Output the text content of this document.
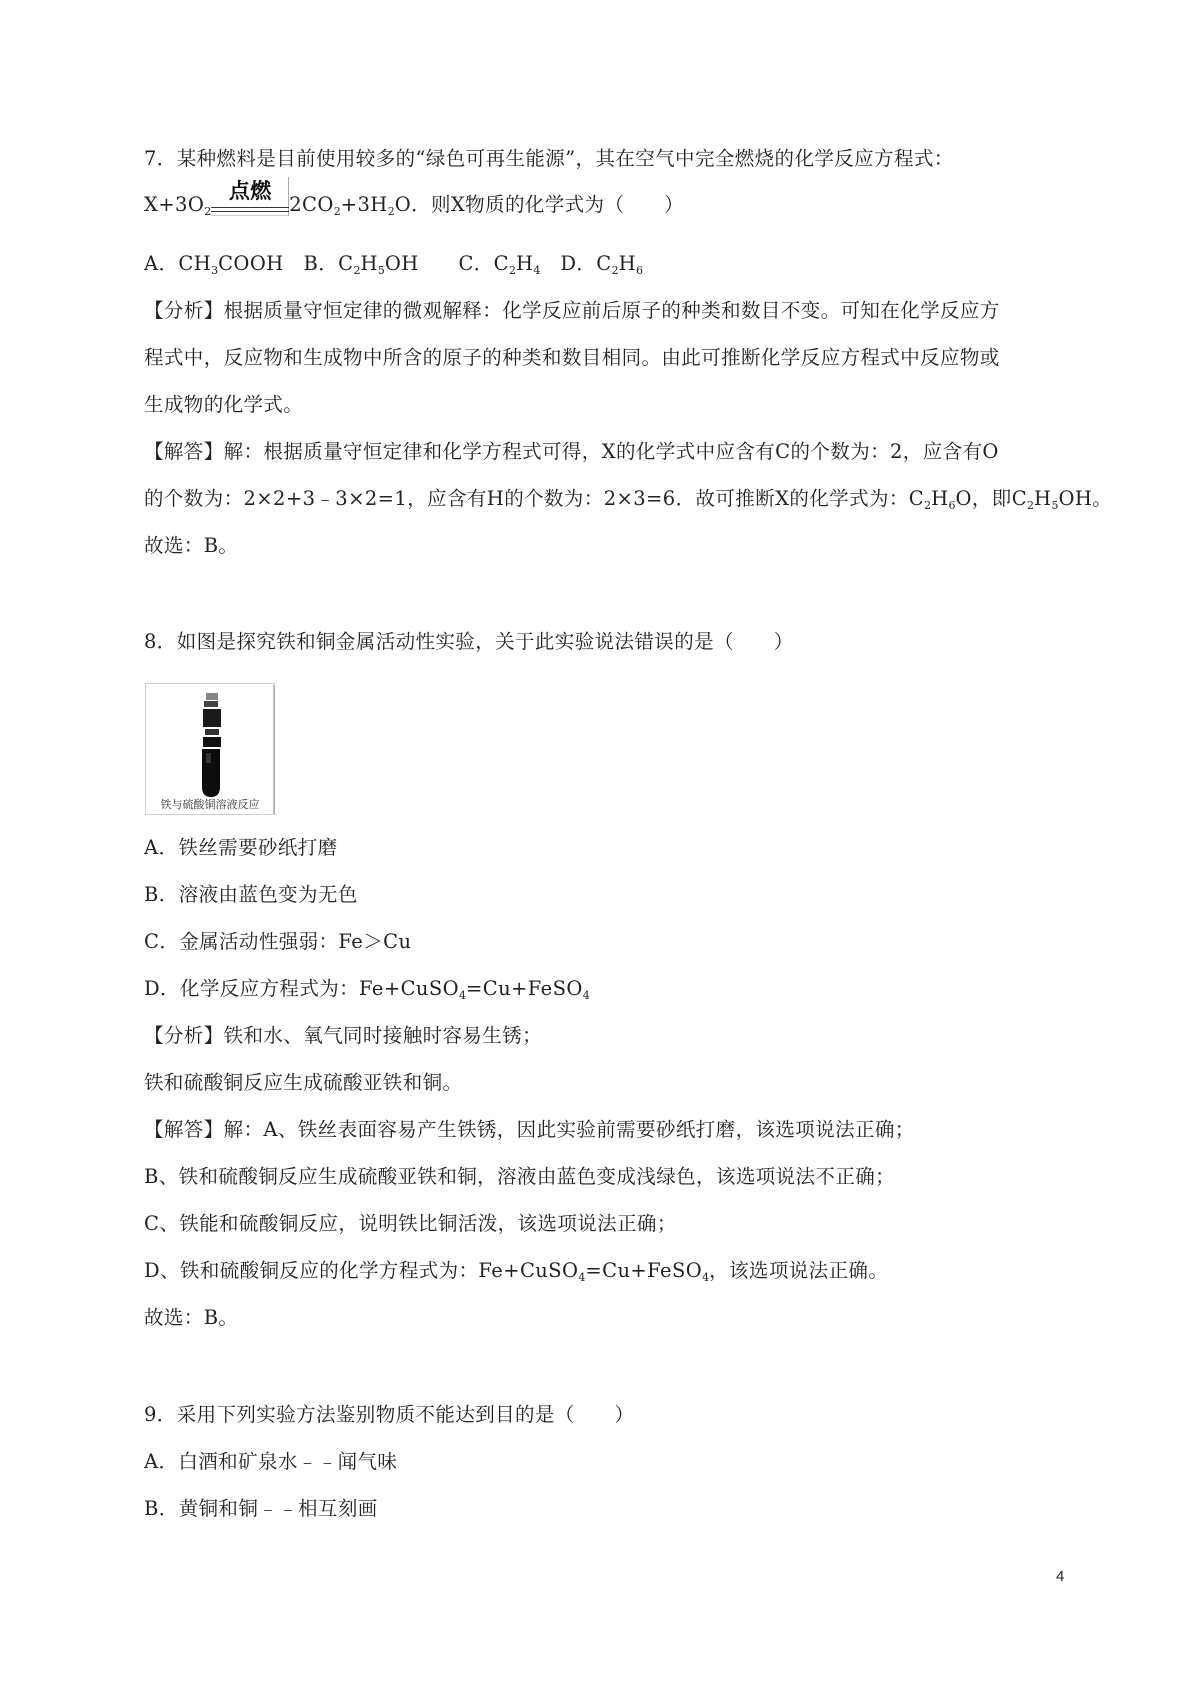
7．某种燃料是目前使用较多的“绿色可再生能源”，其在空气中完全燃烧的化学反应方程式：
$X+3O_2$
点燃
$2CO_2+3H_2O$．则X物质的化学式为（　　）
A．$CH_3COOH$　B．$C_2H_5OH$　　C．$C_2H_4$　D．$C_2H_6$
【分析】根据质量守恒定律的微观解释：化学反应前后原子的种类和数目不变。可知在化学反应方
程式中，反应物和生成物中所含的原子的种类和数目相同。由此可推断化学反应方程式中反应物或
生成物的化学式。
【解答】解：根据质量守恒定律和化学方程式可得，X的化学式中应含有C的个数为：2，应含有O
的个数为：2×2+3﹣3×2=1，应含有H的个数为：2×3=6．故可推断X的化学式为：$C_2H_6O$，即$C_2H_5OH$。
故选：B。
8．如图是探究铁和铜金属活动性实验，关于此实验说法错误的是（　　）
铁与硫酸铜溶液反应
A．铁丝需要砂纸打磨
B．溶液由蓝色变为无色
C．金属活动性强弱：Fe＞Cu
D．化学反应方程式为：Fe+CuSO$_4$=Cu+FeSO$_4$
【分析】铁和水、氧气同时接触时容易生锈；
铁和硫酸铜反应生成硫酸亚铁和铜。
【解答】解：A、铁丝表面容易产生铁锈，因此实验前需要砂纸打磨，该选项说法正确；
B、铁和硫酸铜反应生成硫酸亚铁和铜，溶液由蓝色变成浅绿色，该选项说法不正确；
C、铁能和硫酸铜反应，说明铁比铜活泼，该选项说法正确；
D、铁和硫酸铜反应的化学方程式为：Fe+CuSO$_4$=Cu+FeSO$_4$，该选项说法正确。
故选：B。
9．采用下列实验方法鉴别物质不能达到目的是（　　）
A．白酒和矿泉水﹣﹣闻气味
B．黄铜和铜﹣﹣相互刻画
4
